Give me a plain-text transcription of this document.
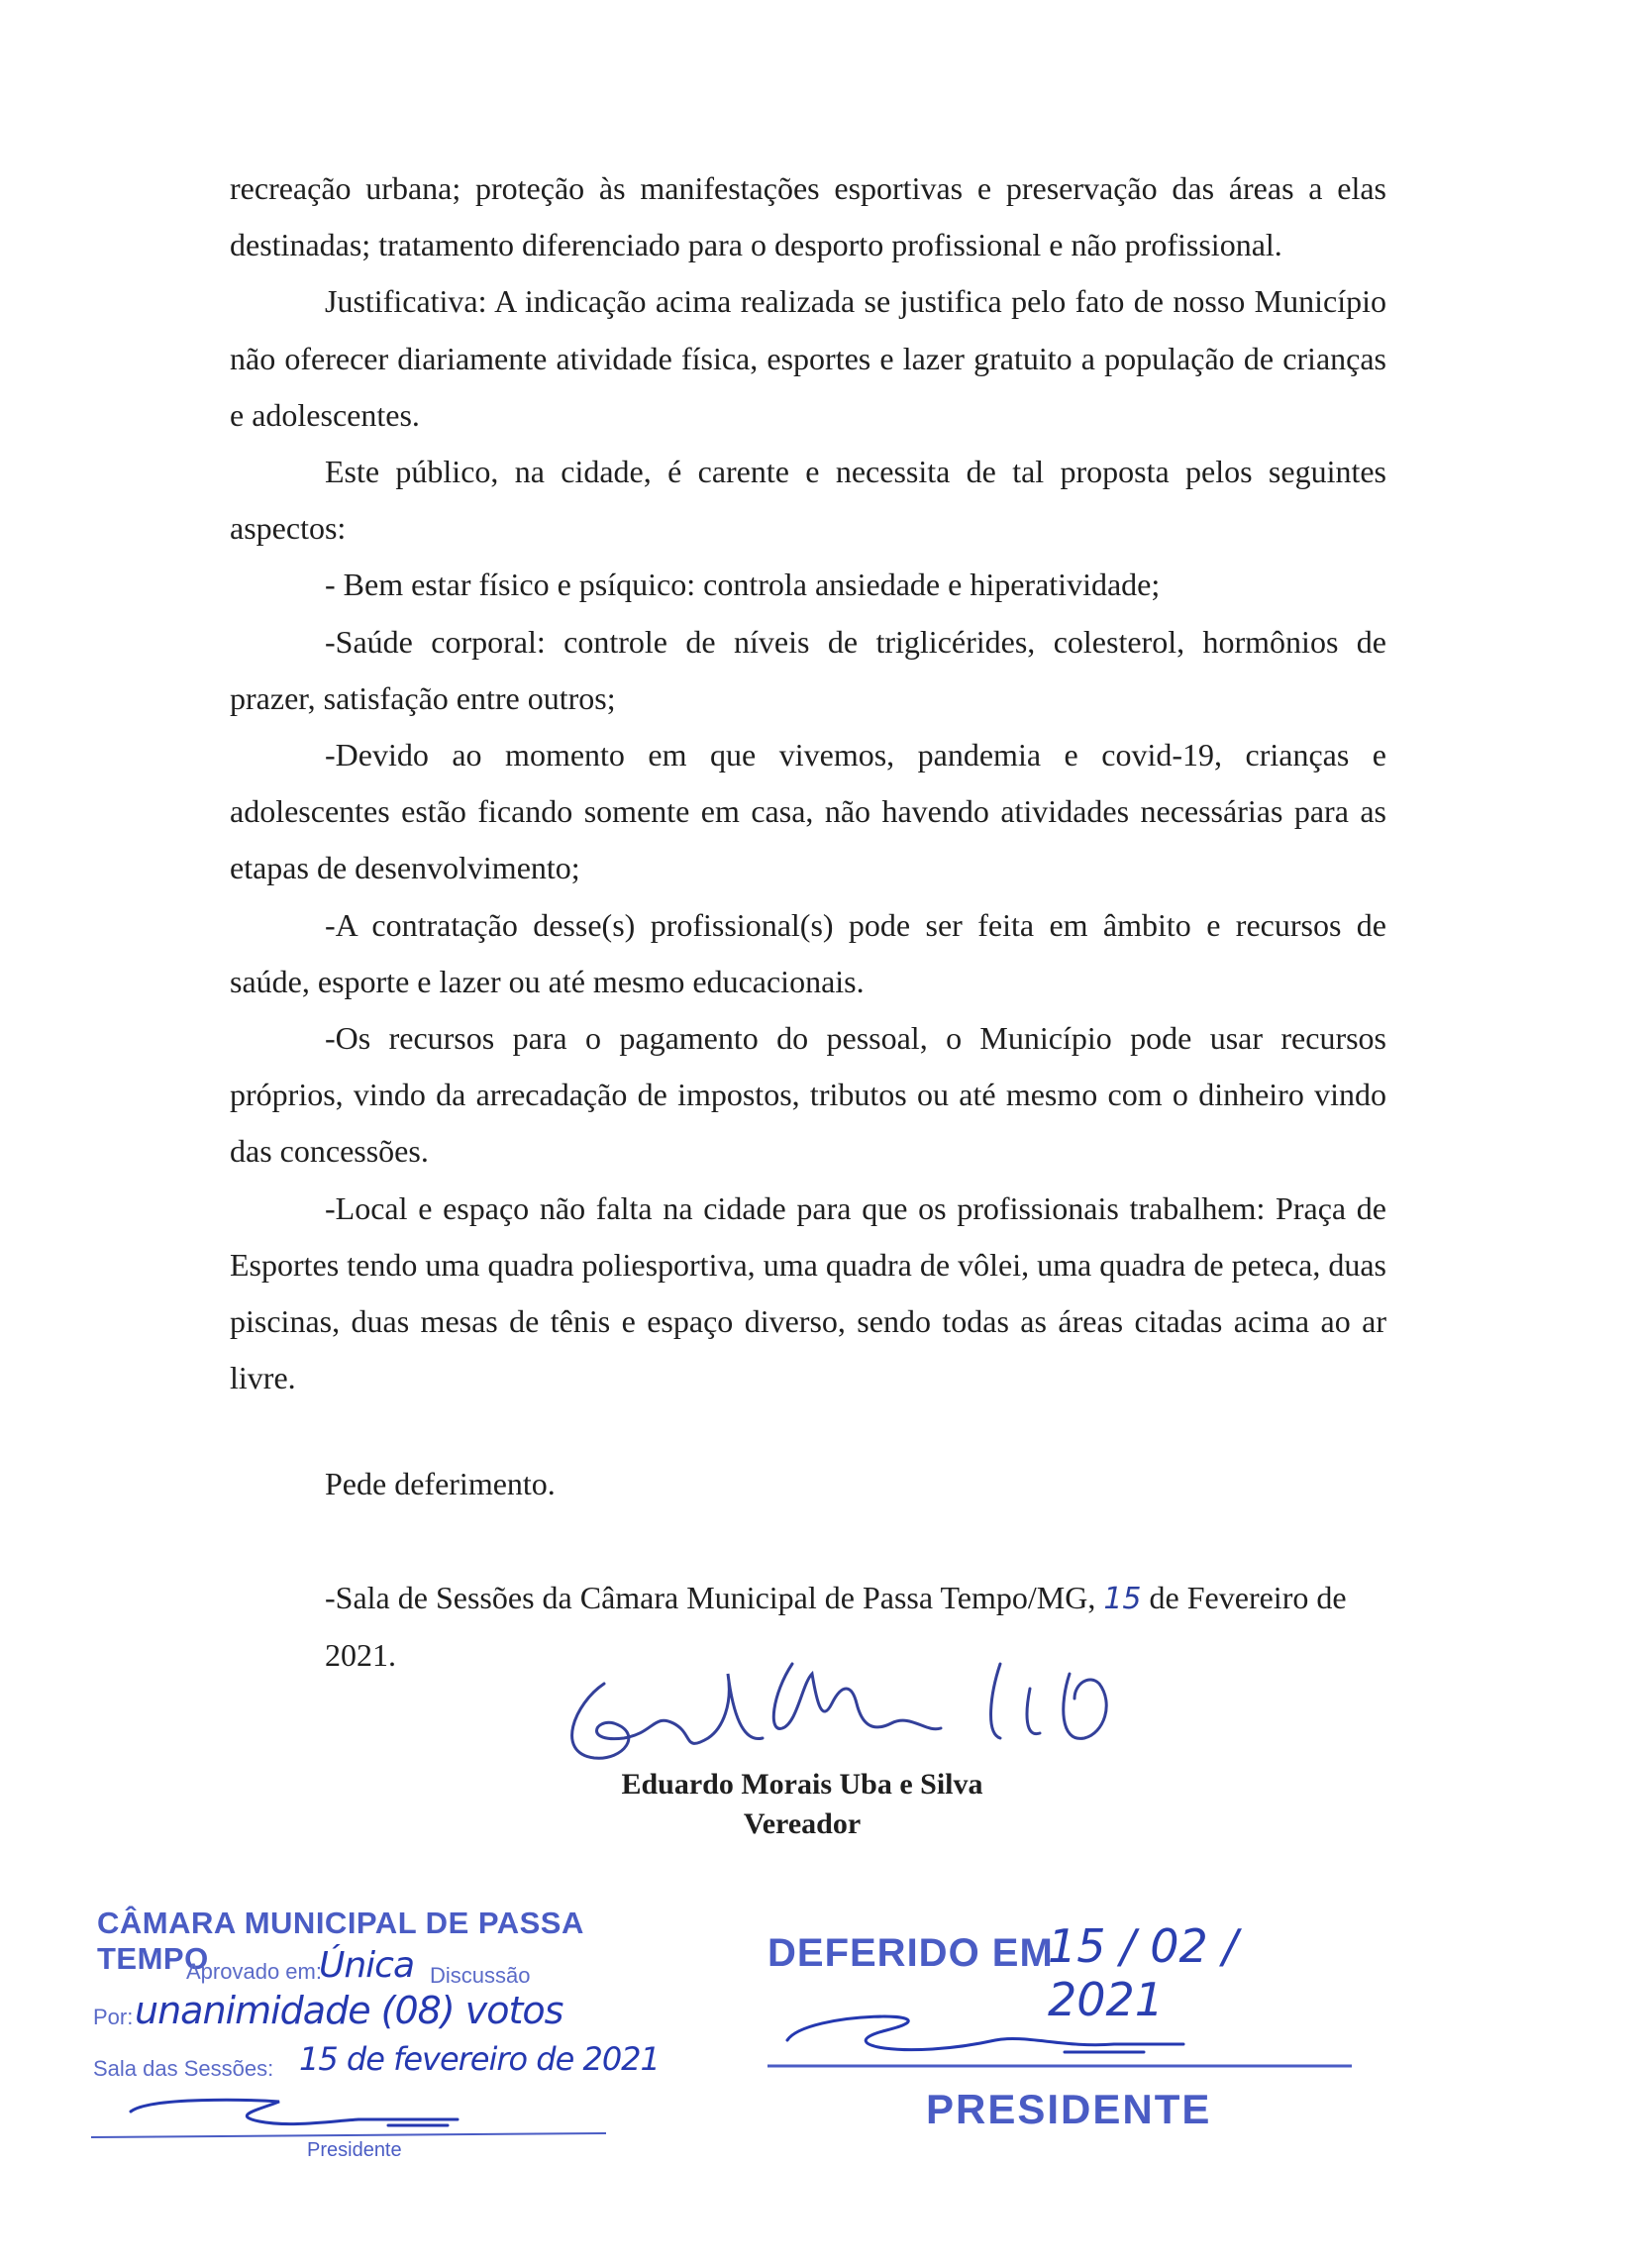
recreação urbana; proteção às manifestações esportivas e preservação das áreas a elas destinadas; tratamento diferenciado para o desporto profissional e não profissional.

Justificativa: A indicação acima realizada se justifica pelo fato de nosso Município não oferecer diariamente atividade física, esportes e lazer gratuito a população de crianças e adolescentes.

Este público, na cidade, é carente e necessita de tal proposta pelos seguintes aspectos:

- Bem estar físico e psíquico: controla ansiedade e hiperatividade;

-Saúde corporal: controle de níveis de triglicérides, colesterol, hormônios de prazer, satisfação entre outros;

-Devido ao momento em que vivemos, pandemia e covid-19, crianças e adolescentes estão ficando somente em casa, não havendo atividades necessárias para as etapas de desenvolvimento;

-A contratação desse(s) profissional(s) pode ser feita em âmbito e recursos de saúde, esporte e lazer ou até mesmo educacionais.

-Os recursos para o pagamento do pessoal, o Município pode usar recursos próprios, vindo da arrecadação de impostos, tributos ou até mesmo com o dinheiro vindo das concessões.

-Local e espaço não falta na cidade para que os profissionais trabalhem: Praça de Esportes tendo uma quadra poliesportiva, uma quadra de vôlei, uma quadra de peteca, duas piscinas, duas mesas de tênis e espaço diverso, sendo todas as áreas citadas acima ao ar livre.

Pede deferimento.
-Sala de Sessões da Câmara Municipal de Passa Tempo/MG, 15 de Fevereiro de 2021.
Eduardo Morais Uba e Silva
Vereador
CÂMARA MUNICIPAL DE PASSA TEMPO
Aprovado em:
Única Discussão
Por: unanimidade (08) votos
Sala das Sessões: 15 de fevereiro de 2021
Presidente
DEFERIDO EM
15 / 02 / 2021
PRESIDENTE
